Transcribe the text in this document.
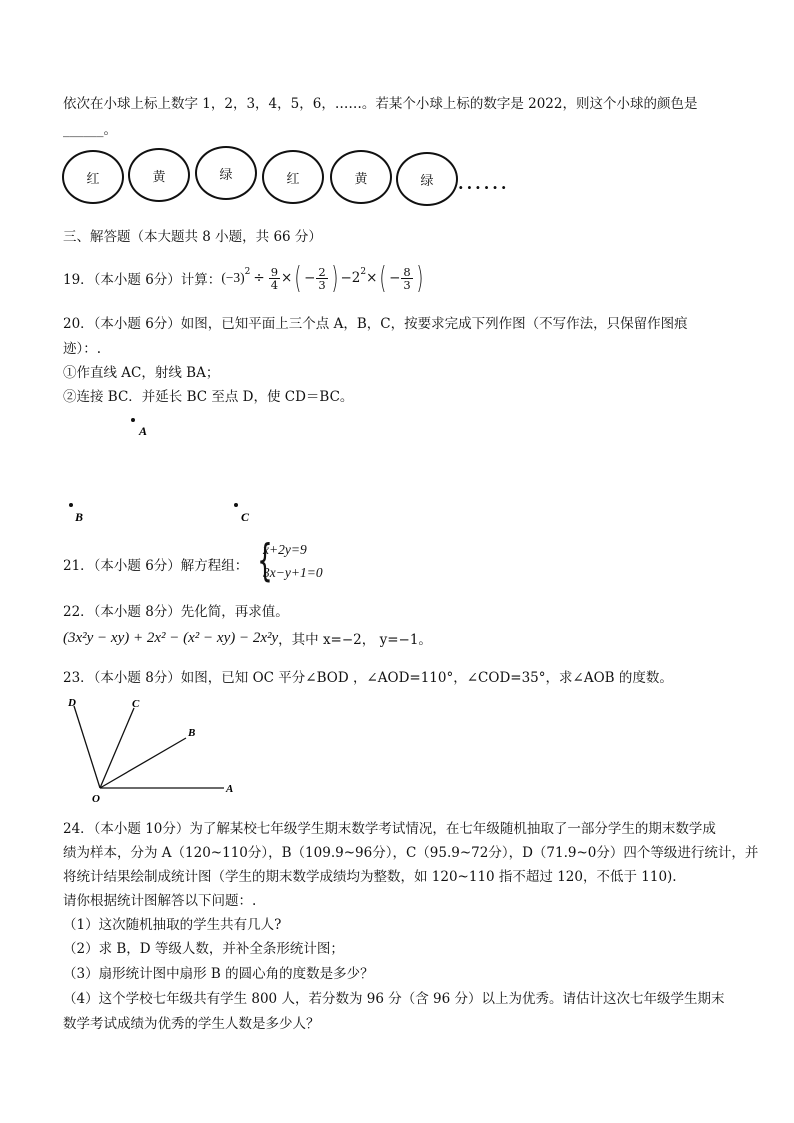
依次在小球上标上数字 1，2，3，4，5，6，……。若某个小球上标的数字是 2022，则这个小球的颜色是
______。
红	黄	绿	红	黄	绿	......
三、解答题（本大题共 8 小题，共 66 分）
19．（本小题 6分）计算： $(-3)^2 \div \frac{9}{4}$ × ( − $\frac{2}{3}$ ) $-2^2$ × ( − $\frac{8}{3}$ )
20．（本小题 6分）如图，已知平面上三个点 A，B，C，按要求完成下列作图（不写作法，只保留作图痕
迹）：.
①作直线 AC，射线 BA；
②连接 BC．并延长 BC 至点 D，使 CD＝BC。
A
B	C
21．（本小题 6分）解方程组： {
x+2y=9
3x−y+1=0
22．（本小题 8分）先化简，再求值。
(3x²y − xy) + 2x² − (x² − xy) − 2x²y ，其中 x=−2， y=−1。
23．（本小题 8分）如图，已知 OC 平分∠BOD ，∠AOD=110°，∠COD=35°，求∠AOB 的度数。
D	C
B
A
O
24．（本小题 10分）为了解某校七年级学生期末数学考试情况，在七年级随机抽取了一部分学生的期末数学成
绩为样本，分为 A（120~110分），B（109.9~96分），C（95.9~72分），D（71.9~0分）四个等级进行统计，并
将统计结果绘制成统计图（学生的期末数学成绩均为整数，如 120~110 指不超过 120，不低于 110).
请你根据统计图解答以下问题：.
（1）这次随机抽取的学生共有几人?
（2）求 B，D 等级人数，并补全条形统计图；
（3）扇形统计图中扇形 B 的圆心角的度数是多少？
（4）这个学校七年级共有学生 800 人，若分数为 96 分（含 96 分）以上为优秀。请估计这次七年级学生期末
数学考试成绩为优秀的学生人数是多少人？
